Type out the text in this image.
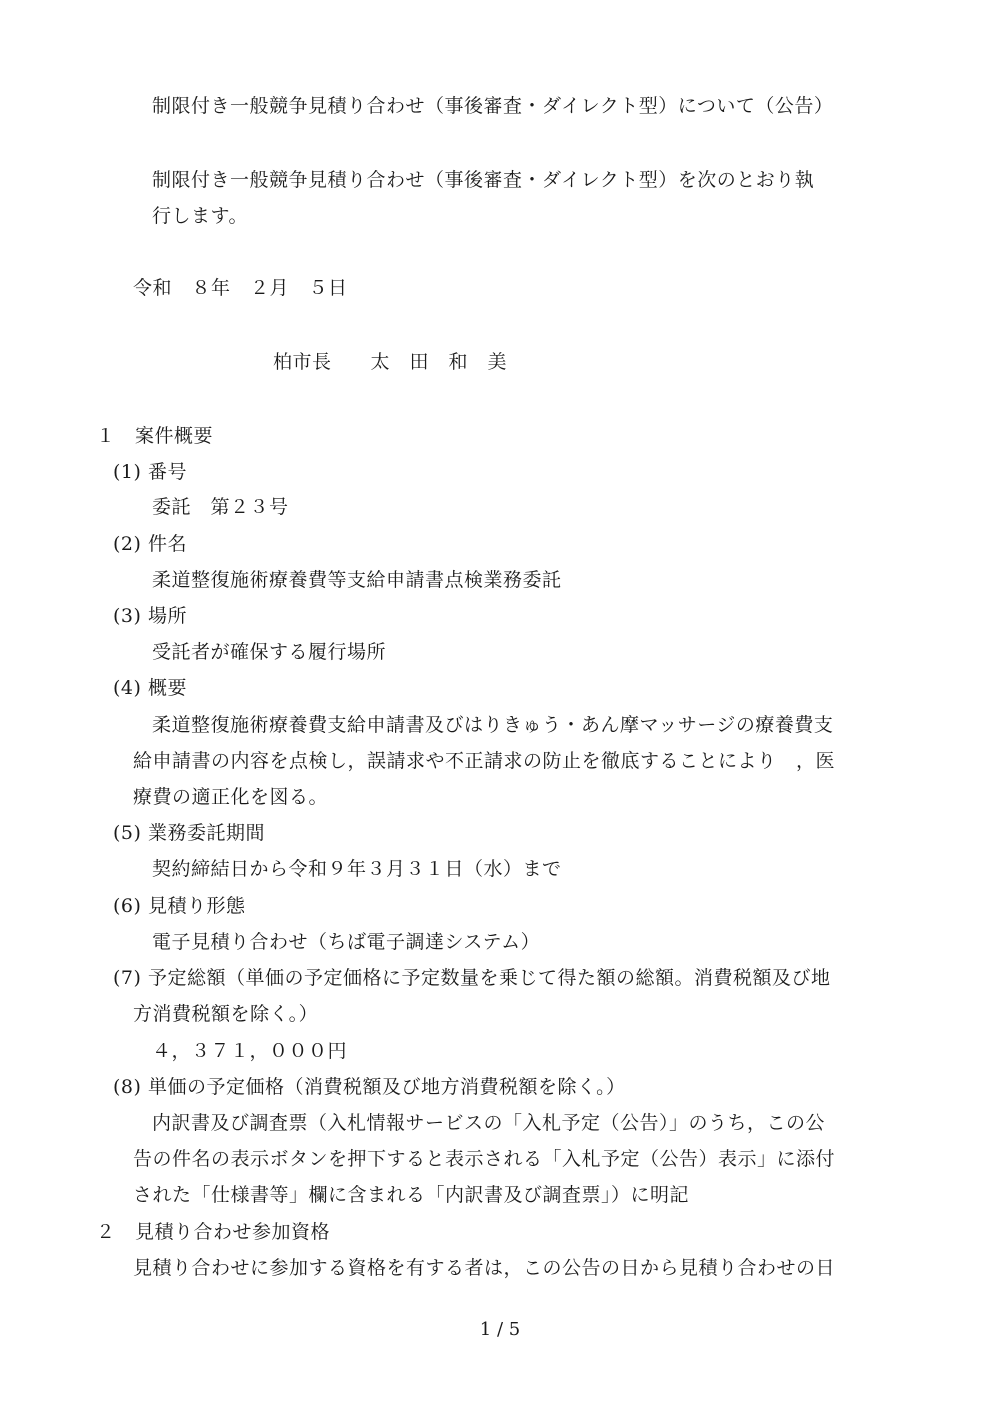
制限付き一般競争見積り合わせ（事後審査・ダイレクト型）について（公告）
制限付き一般競争見積り合わせ（事後審査・ダイレクト型）を次のとおり執
行します。
令和　８年　２月　５日
柏市長　　太　田　和　美
１　案件概要
(1) 番号
委託　第２３号
(2) 件名
柔道整復施術療養費等支給申請書点検業務委託
(3) 場所
受託者が確保する履行場所
(4) 概要
柔道整復施術療養費支給申請書及びはりきゅう・あん摩マッサージの療養費支
給申請書の内容を点検し，誤請求や不正請求の防止を徹底することにより　，医
療費の適正化を図る。
(5) 業務委託期間
契約締結日から令和９年３月３１日（水）まで
(6) 見積り形態
電子見積り合わせ（ちば電子調達システム）
(7) 予定総額（単価の予定価格に予定数量を乗じて得た額の総額。消費税額及び地
方消費税額を除く。）
４，３７１，０００円
(8) 単価の予定価格（消費税額及び地方消費税額を除く。）
内訳書及び調査票（入札情報サービスの「入札予定（公告）」のうち，この公
告の件名の表示ボタンを押下すると表示される「入札予定（公告）表示」に添付
された「仕様書等」欄に含まれる「内訳書及び調査票」）に明記
２　見積り合わせ参加資格
見積り合わせに参加する資格を有する者は，この公告の日から見積り合わせの日
1 / 5
